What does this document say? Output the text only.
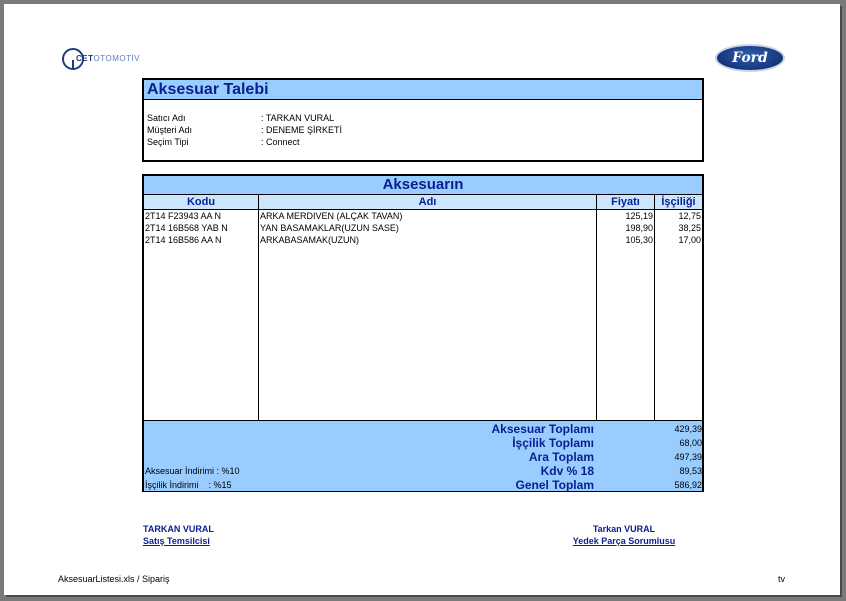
CETOTOMOTİV	Ford
Aksesuar Talebi
Satıcı Adı	: TARKAN VURAL
Müşteri Adı	: DENEME ŞİRKETİ
Seçim Tipi	: Connect
Aksesuarın
Kodu	Adı	Fiyatı	İşçiliği
2T14 F23943 AA N	ARKA MERDIVEN (ALÇAK TAVAN)	125,19	12,75
2T14 16B568 YAB N	YAN BASAMAKLAR(UZUN SASE)	198,90	38,25
2T14 16B586 AA N	ARKABASAMAK(UZUN)	105,30	17,00
Aksesuar Toplamı	429,39
İşçilik Toplamı	68,00
Ara Toplam	497,39
Kdv % 18	89,53
Genel Toplam	586,92
Aksesuar İndirimi : %10
İşçilik İndirimi    : %15
TARKAN VURAL
Satış Temsilcisi
Tarkan VURAL
Yedek Parça Sorumlusu
AksesuarListesi.xls / Sipariş	tv
